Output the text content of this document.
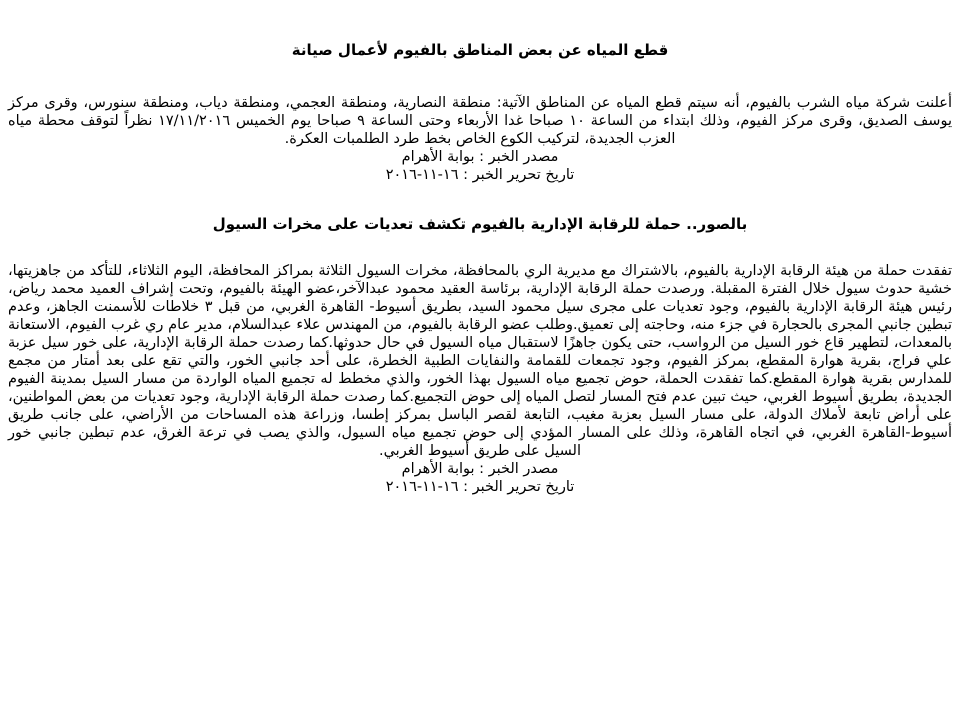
قطع المياه عن بعض المناطق بالفيوم لأعمال صيانة

أعلنت شركة مياه الشرب بالفيوم، أنه سيتم قطع المياه عن المناطق الآتية: منطقة النصارية، ومنطقة العجمي، ومنطقة دياب، ومنطقة سنورس، وقرى مركز يوسف الصديق، وقرى مركز الفيوم، وذلك ابتداء من الساعة ١٠ صباحا غدا الأربعاء وحتى الساعة ٩ صباحا يوم الخميس ١٧/١١/٢٠١٦ نظراً لتوقف محطة مياه العزب الجديدة، لتركيب الكوع الخاص بخط طرد الطلمبات العكرة.

مصدر الخبر : بوابة الأهرام

تاريخ تحرير الخبر : ١٦-١١-٢٠١٦

بالصور.. حملة للرقابة الإدارية بالفيوم تكشف تعديات على مخرات السيول

تفقدت حملة من هيئة الرقابة الإدارية بالفيوم، بالاشتراك مع مديرية الري بالمحافظة، مخرات السيول الثلاثة بمراكز المحافظة، اليوم الثلاثاء، للتأكد من جاهزيتها، خشية حدوث سيول خلال الفترة المقبلة. ورصدت حملة الرقابة الإدارية، برئاسة العقيد محمود عبدالآخر،عضو الهيئة بالفيوم، وتحت إشراف العميد محمد رياض، رئيس هيئة الرقابة الإدارية بالفيوم، وجود تعديات على مجرى سيل محمود السيد، بطريق أسيوط- القاهرة الغربي، من قبل ٣ خلاطات للأسمنت الجاهز، وعدم تبطين جانبي المجرى بالحجارة في جزء منه، وحاجته إلى تعميق.وطلب عضو الرقابة بالفيوم، من المهندس علاء عبدالسلام، مدير عام ري غرب الفيوم، الاستعانة بالمعدات، لتطهير قاع خور السيل من الرواسب، حتى يكون جاهزًا لاستقبال مياه السيول في حال حدوثها.كما رصدت حملة الرقابة الإدارية، على خور سيل عزبة علي فراج، بقرية هوارة المقطع، بمركز الفيوم، وجود تجمعات للقمامة والنفايات الطبية الخطرة، على أحد جانبي الخور، والتي تقع على بعد أمتار من مجمع للمدارس بقرية هوارة المقطع.كما تفقدت الحملة، حوض تجميع مياه السيول بهذا الخور، والذي مخطط له تجميع المياه الواردة من مسار السيل بمدينة الفيوم الجديدة، بطريق أسيوط الغربي، حيث تبين عدم فتح المسار لتصل المياه إلى حوض التجميع.كما رصدت حملة الرقابة الإدارية، وجود تعديات من بعض المواطنين، على أراض تابعة لأملاك الدولة، على مسار السيل بعزبة مغيب، التابعة لقصر الباسل بمركز إطسا، وزراعة هذه المساحات من الأراضي، على جانب طريق أسيوط-القاهرة الغربي، في اتجاه القاهرة، وذلك على المسار المؤدي إلى حوض تجميع مياه السيول، والذي يصب في ترعة الغرق، عدم تبطين جانبي خور السيل على طريق أسيوط الغربي.

مصدر الخبر : بوابة الأهرام

تاريخ تحرير الخبر : ١٦-١١-٢٠١٦
